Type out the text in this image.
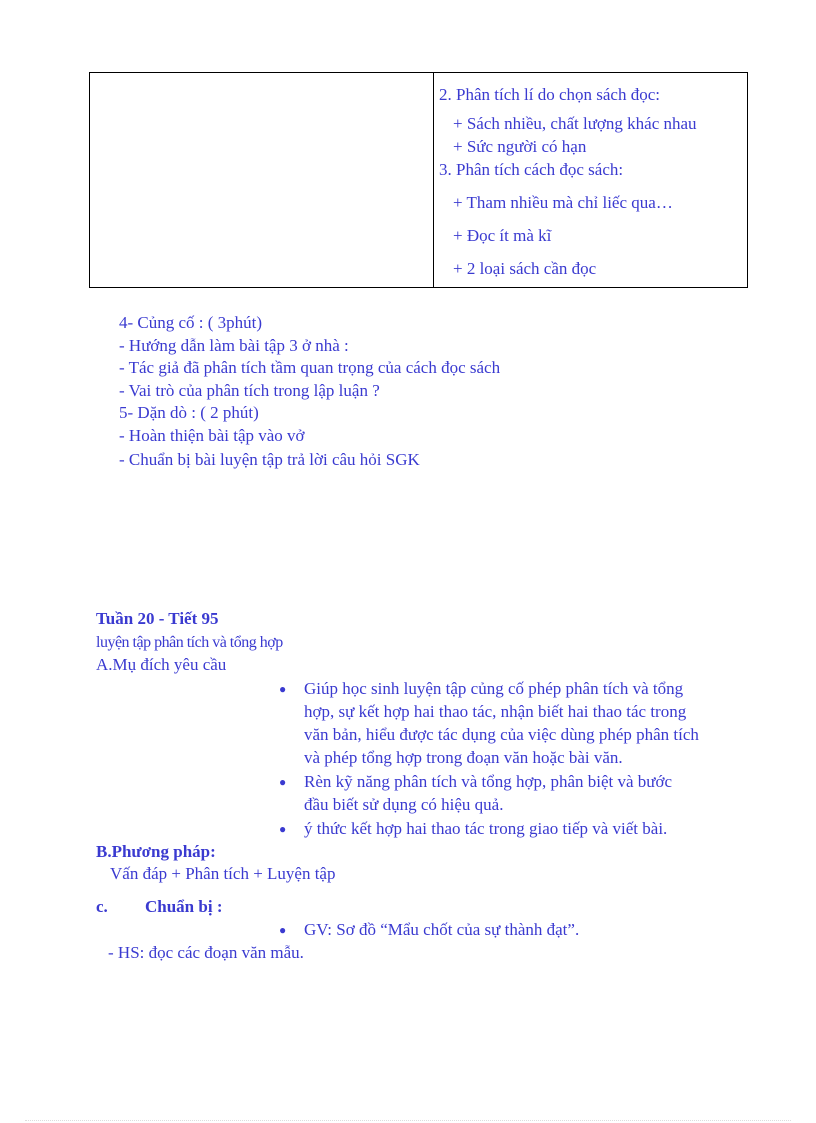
2. Phân tích lí do chọn sách đọc:
+ Sách nhiều, chất lượng khác nhau
+ Sức người có hạn
3. Phân tích cách đọc sách:
+ Tham nhiều mà chỉ liếc qua…
+ Đọc ít mà kĩ
+ 2 loại sách cần đọc
4- Củng cố : ( 3phút)
- Hướng dẫn làm bài tập 3 ở nhà :
- Tác giả đã phân tích tầm quan trọng của cách đọc sách
- Vai trò của phân tích trong lập luận ?
5- Dặn dò : ( 2 phút)
- Hoàn thiện bài tập vào vở
- Chuẩn bị bài luyện tập trả lời câu hỏi SGK
Tuần 20 - Tiết 95
luyện tập phân tích và tổng hợp
A.Mụ đích yêu cầu
● Giúp học sinh luyện tập củng cố phép phân tích và tổng
hợp, sự kết hợp hai thao tác, nhận biết hai thao tác trong
văn bản, hiểu được tác dụng của việc dùng phép phân tích
và phép tổng hợp trong đoạn văn hoặc bài văn.
● Rèn kỹ năng phân tích và tổng hợp, phân biệt và bước
đầu biết sử dụng có hiệu quả.
● ý thức kết hợp hai thao tác trong giao tiếp và viết bài.
B.Phương pháp:
Vấn đáp + Phân tích + Luyện tập
c. Chuẩn bị :
● GV: Sơ đồ “Mẩu chốt của sự thành đạt”.
- HS: đọc các đoạn văn mẫu.
